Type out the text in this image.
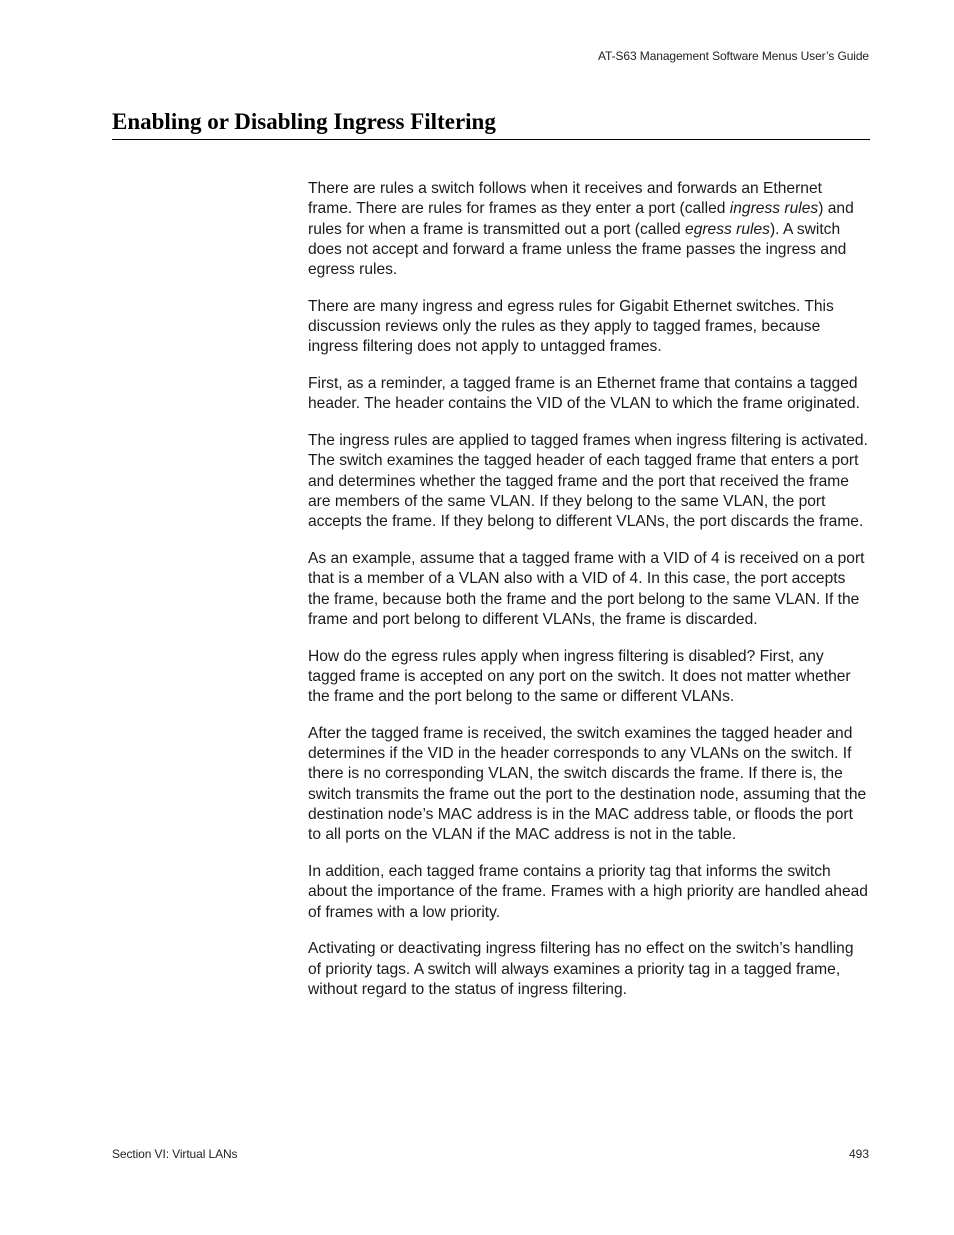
AT-S63 Management Software Menus User’s Guide
Enabling or Disabling Ingress Filtering

There are rules a switch follows when it receives and forwards an Ethernet frame. There are rules for frames as they enter a port (called ingress rules) and rules for when a frame is transmitted out a port (called egress rules). A switch does not accept and forward a frame unless the frame passes the ingress and egress rules.

There are many ingress and egress rules for Gigabit Ethernet switches. This discussion reviews only the rules as they apply to tagged frames, because ingress filtering does not apply to untagged frames.

First, as a reminder, a tagged frame is an Ethernet frame that contains a tagged header. The header contains the VID of the VLAN to which the frame originated.

The ingress rules are applied to tagged frames when ingress filtering is activated. The switch examines the tagged header of each tagged frame that enters a port and determines whether the tagged frame and the port that received the frame are members of the same VLAN. If they belong to the same VLAN, the port accepts the frame. If they belong to different VLANs, the port discards the frame.

As an example, assume that a tagged frame with a VID of 4 is received on a port that is a member of a VLAN also with a VID of 4. In this case, the port accepts the frame, because both the frame and the port belong to the same VLAN. If the frame and port belong to different VLANs, the frame is discarded.

How do the egress rules apply when ingress filtering is disabled? First, any tagged frame is accepted on any port on the switch. It does not matter whether the frame and the port belong to the same or different VLANs.

After the tagged frame is received, the switch examines the tagged header and determines if the VID in the header corresponds to any VLANs on the switch. If there is no corresponding VLAN, the switch discards the frame. If there is, the switch transmits the frame out the port to the destination node, assuming that the destination node’s MAC address is in the MAC address table, or floods the port to all ports on the VLAN if the MAC address is not in the table.

In addition, each tagged frame contains a priority tag that informs the switch about the importance of the frame. Frames with a high priority are handled ahead of frames with a low priority.

Activating or deactivating ingress filtering has no effect on the switch’s handling of priority tags. A switch will always examines a priority tag in a tagged frame, without regard to the status of ingress filtering.

Section VI: Virtual LANs	493
